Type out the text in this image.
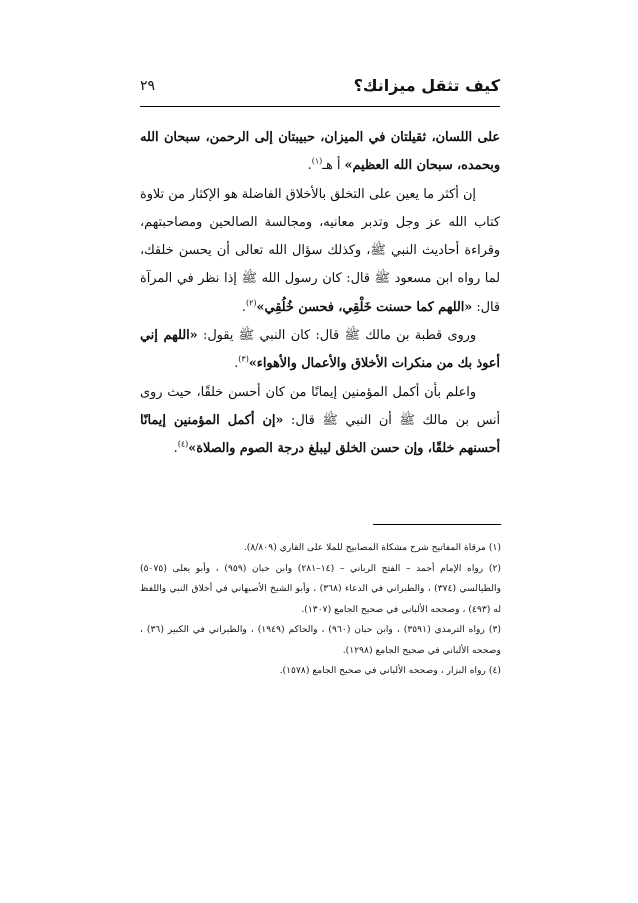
كيف تثقل ميزانك؟
٢٩

على اللسان، ثقيلتان في الميزان، حبيبتان إلى الرحمن، سبحان الله وبحمده، سبحان الله العظيم» أ هـ$^{(١)}$.

إن أكثر ما يعين على التخلق بالأخلاق الفاضلة هو الإكثار من تلاوة كتاب الله عز وجل وتدبر معانيه، ومجالسة الصالحين ومصاحبتهم، وقراءة أحاديث النبي ﷺ، وكذلك سؤال الله تعالى أن يحسن خلقك، لما رواه ابن مسعود ﷺ قال: كان رسول الله ﷺ إذا نظر في المرآة قال: «اللهم كما حسنت خَلْقِي، فحسن خُلُقِي»$^{(٢)}$.

وروى قطبة بن مالك ﷺ قال: كان النبي ﷺ يقول: «اللهم إني أعوذ بك من منكرات الأخلاق والأعمال والأهواء»$^{(٣)}$.

واعلم بأن أكمل المؤمنين إيمانًا من كان أحسن خلقًا، حيث روى أنس بن مالك ﷺ أن النبي ﷺ قال: «إن أكمل المؤمنين إيمانًا أحسنهم خلقًا، وإن حسن الخلق ليبلغ درجة الصوم والصلاة»$^{(٤)}$.

(١) مرقاة المفاتيح شرح مشكاة المصابيح للملا على القاري (٨/٨٠٩).

(٢) رواه الإمام أحمد – الفتح الرباني – (١٤–٢٨١) وابن حبان (٩٥٩) ، وأبو يعلى (٥٠٧٥) والطيالسي (٣٧٤) ، والطبراني في الدعاء (٣٦٨) ، وأبو الشيخ الأصبهاني في أخلاق النبي واللفظ له (٤٩٣) ، وصححه الألباني في صحيح الجامع (١٣٠٧).

(٣) رواه الترمذي (٣٥٩١) ، وابن حبان (٩٦٠) ، والحاكم (١٩٤٩) ، والطبراني في الكبير (٣٦) ، وصححه الألباني في صحيح الجامع (١٢٩٨).

(٤) رواه البزار ، وصححه الألباني في صحيح الجامع (١٥٧٨).
